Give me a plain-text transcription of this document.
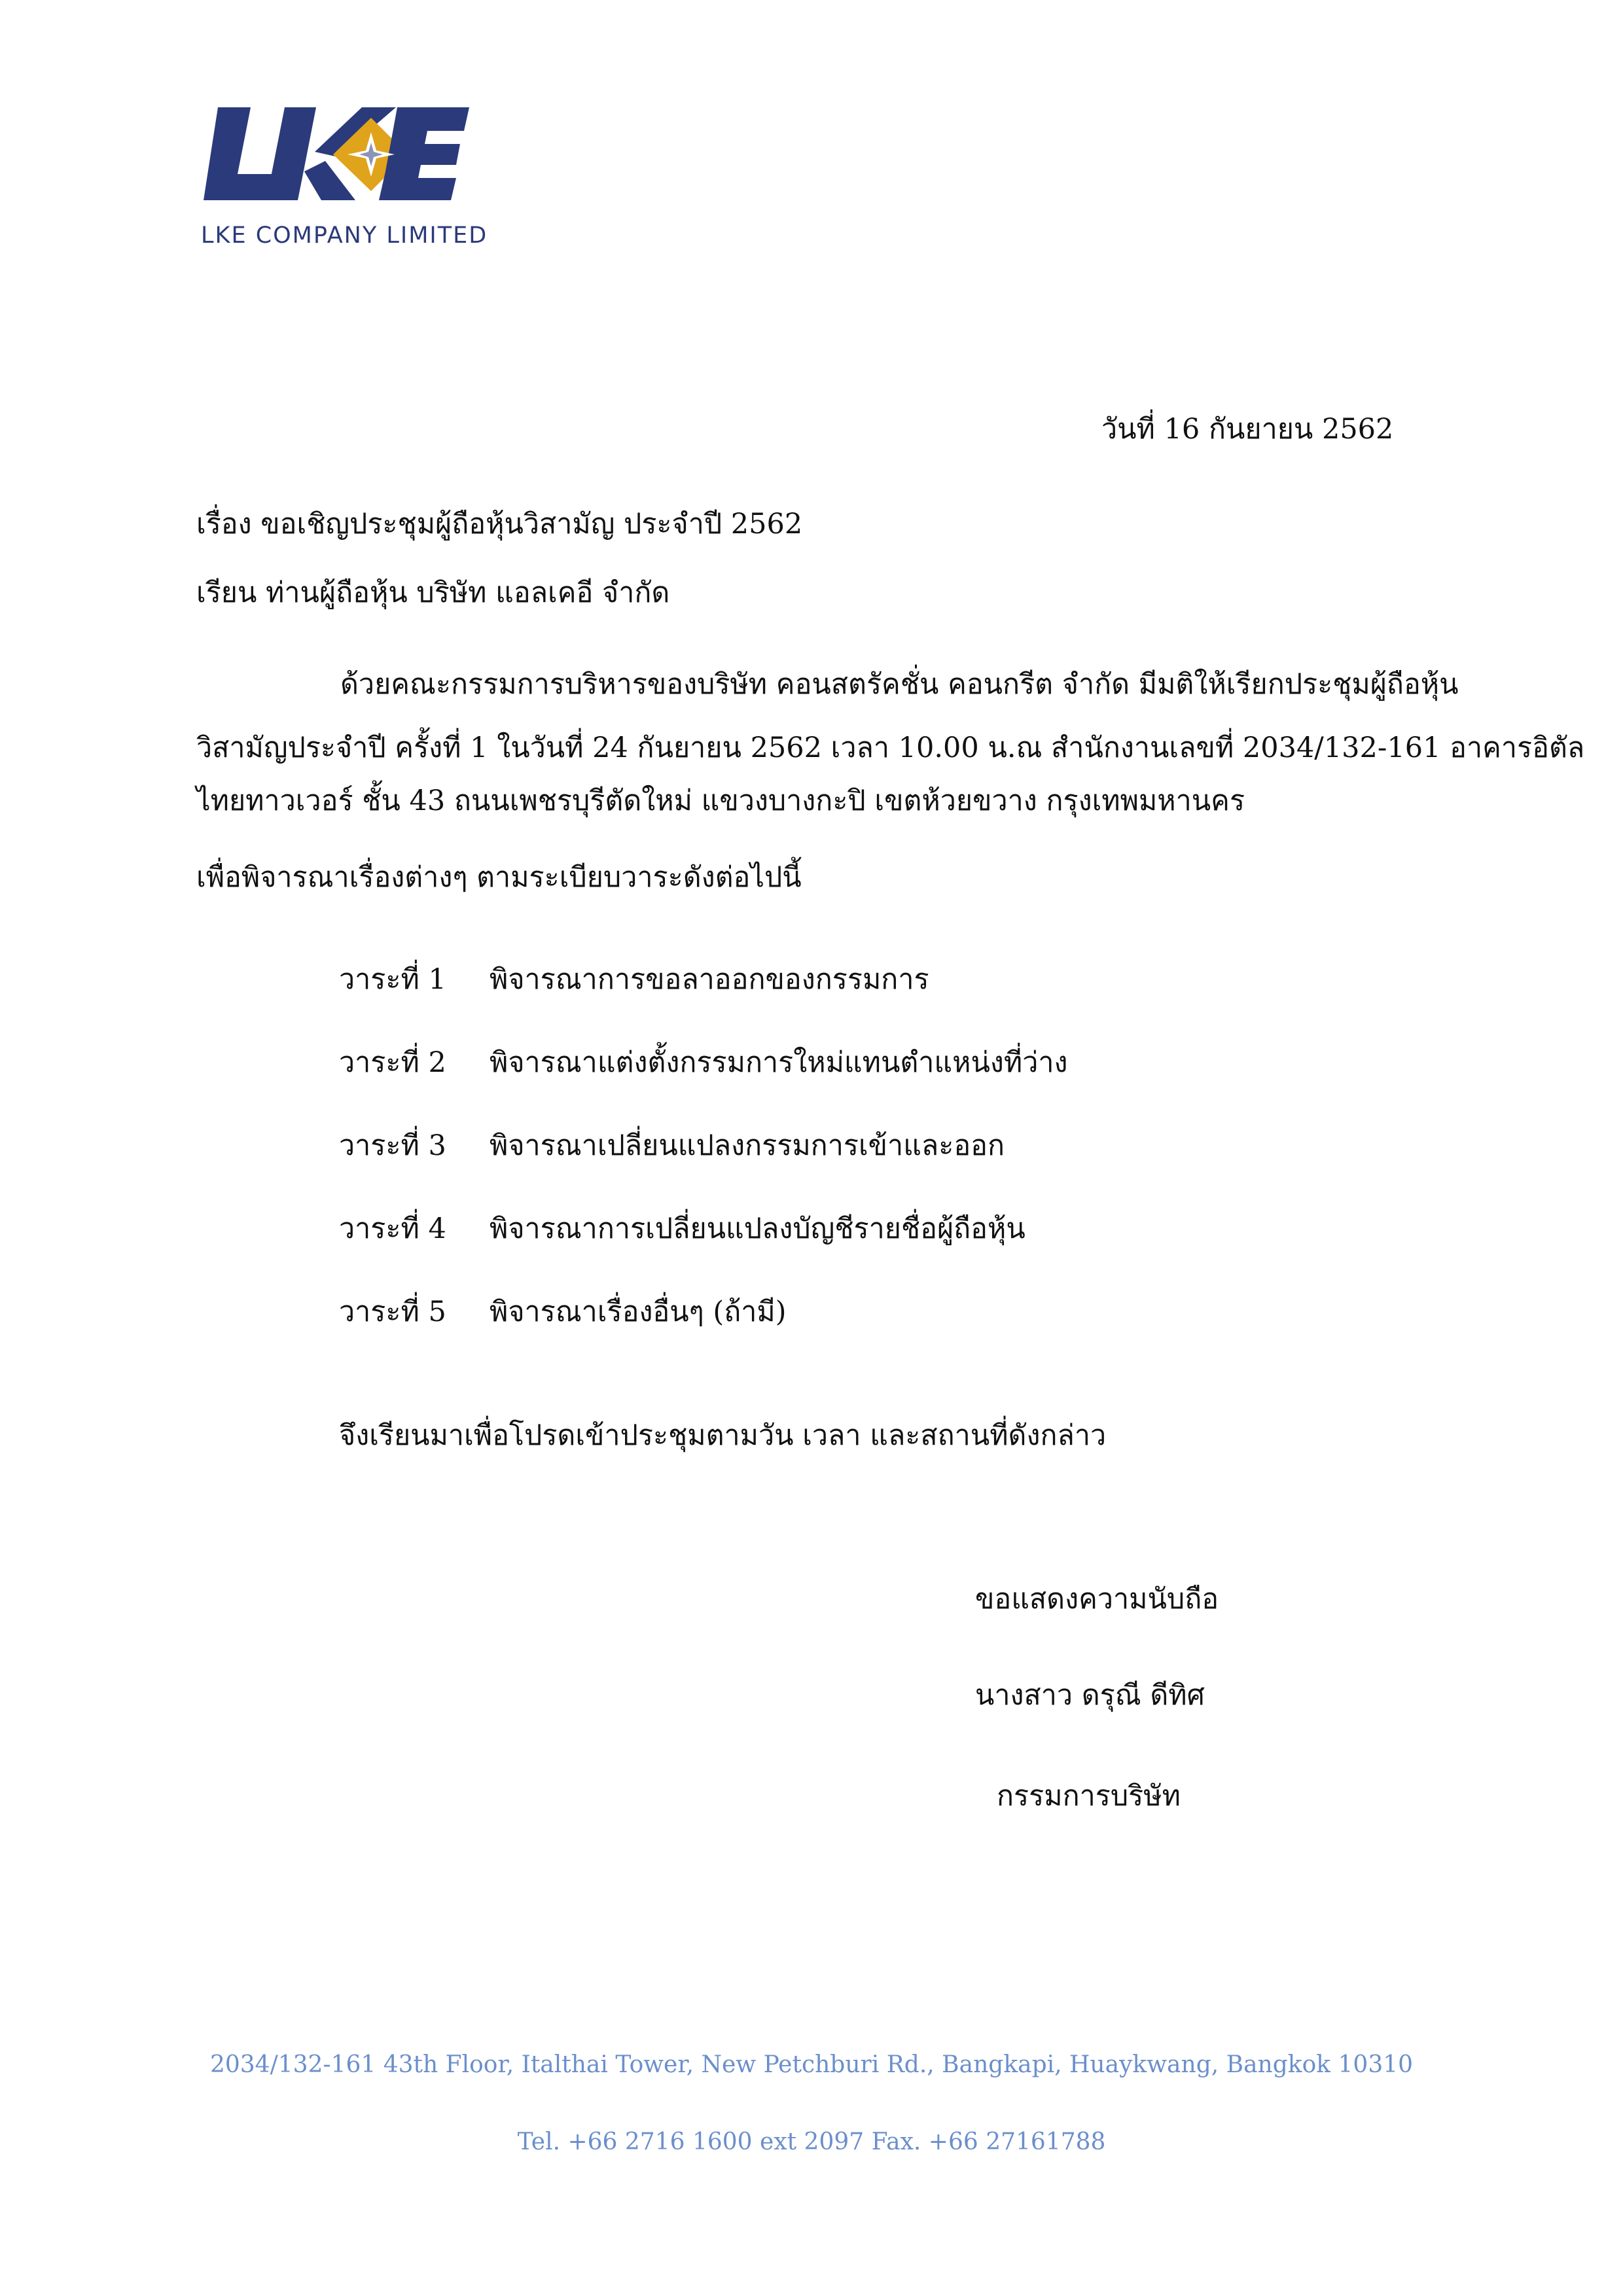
LKE COMPANY LIMITED
วันที่ 16 กันยายน 2562
เรื่อง ขอเชิญประชุมผู้ถือหุ้นวิสามัญ ประจำปี 2562
เรียน ท่านผู้ถือหุ้น บริษัท แอลเคอี จำกัด
ด้วยคณะกรรมการบริหารของบริษัท คอนสตรัคชั่น คอนกรีต จำกัด มีมติให้เรียกประชุมผู้ถือหุ้น
วิสามัญประจำปี ครั้งที่ 1 ในวันที่ 24 กันยายน 2562 เวลา 10.00 น.ณ สำนักงานเลขที่ 2034/132-161 อาคารอิตัล
ไทยทาวเวอร์ ชั้น 43 ถนนเพชรบุรีตัดใหม่ แขวงบางกะปิ เขตห้วยขวาง กรุงเทพมหานคร
เพื่อพิจารณาเรื่องต่างๆ ตามระเบียบวาระดังต่อไปนี้
วาระที่ 1 พิจารณาการขอลาออกของกรรมการ
วาระที่ 2 พิจารณาแต่งตั้งกรรมการใหม่แทนตำแหน่งที่ว่าง
วาระที่ 3 พิจารณาเปลี่ยนแปลงกรรมการเข้าและออก
วาระที่ 4 พิจารณาการเปลี่ยนแปลงบัญชีรายชื่อผู้ถือหุ้น
วาระที่ 5 พิจารณาเรื่องอื่นๆ (ถ้ามี)
จึงเรียนมาเพื่อโปรดเข้าประชุมตามวัน เวลา และสถานที่ดังกล่าว
ขอแสดงความนับถือ
นางสาว ดรุณี ดีทิศ
กรรมการบริษัท
2034/132-161 43th Floor, Italthai Tower, New Petchburi Rd., Bangkapi, Huaykwang, Bangkok 10310
Tel. +66 2716 1600 ext 2097 Fax. +66 27161788
